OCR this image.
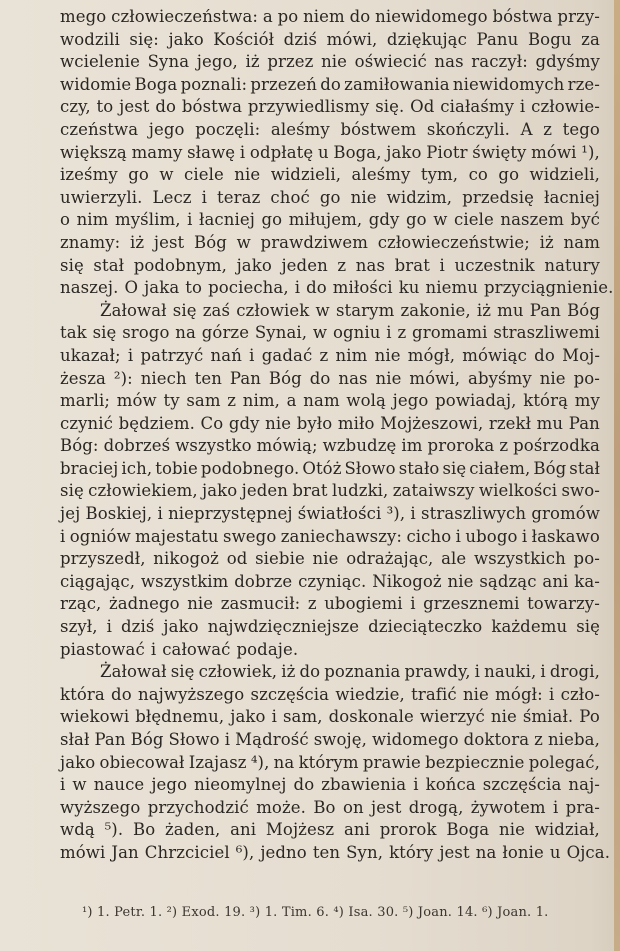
mego człowieczeństwa: a po niem do niewidomego bóstwa przy-
wodzili się: jako Kościół dziś mówi, dziękując Panu Bogu za
wcielenie Syna jego, iż przez nie oświecić nas raczył: gdyśmy
widomie Boga poznali: przezeń do zamiłowania niewidomych rze-
czy, to jest do bóstwa przywiedlismy się. Od ciałaśmy i człowie-
czeństwa jego poczęli: aleśmy bóstwem skończyli. A z tego
większą mamy sławę i odpłatę u Boga, jako Piotr święty mówi ¹),
iześmy go w ciele nie widzieli, aleśmy tym, co go widzieli,
uwierzyli. Lecz i teraz choć go nie widzim, przedsię łacniej
o nim myślim, i łacniej go miłujem, gdy go w ciele naszem być
znamy: iż jest Bóg w prawdziwem człowieczeństwie; iż nam
się stał podobnym, jako jeden z nas brat i uczestnik natury
naszej. O jaka to pociecha, i do miłości ku niemu przyciągnienie.
Żałował się zaś człowiek w starym zakonie, iż mu Pan Bóg
tak się srogo na górze Synai, w ogniu i z gromami straszliwemi
ukazał; i patrzyć nań i gadać z nim nie mógł, mówiąc do Moj-
żesza ²): niech ten Pan Bóg do nas nie mówi, abyśmy nie po-
marli; mów ty sam z nim, a nam wolą jego powiadaj, którą my
czynić będziem. Co gdy nie było miło Mojżeszowi, rzekł mu Pan
Bóg: dobrześ wszystko mówią; wzbudzę im proroka z pośrzodka
braciej ich, tobie podobnego. Otóż Słowo stało się ciałem, Bóg stał
się człowiekiem, jako jeden brat ludzki, zataiwszy wielkości swo-
jej Boskiej, i nieprzystępnej światłości ³), i straszliwych gromów
i ogniów majestatu swego zaniechawszy: cicho i ubogo i łaskawo
przyszedł, nikogoż od siebie nie odrażając, ale wszystkich po-
ciągając, wszystkim dobrze czyniąc. Nikogoż nie sądząc ani ka-
rząc, żadnego nie zasmucił: z ubogiemi i grzesznemi towarzy-
szył, i dziś jako najwdzięczniejsze dzieciąteczko każdemu się
piastować i całować podaje.
Żałował się człowiek, iż do poznania prawdy, i nauki, i drogi,
która do najwyższego szczęścia wiedzie, trafić nie mógł: i czło-
wiekowi błędnemu, jako i sam, doskonale wierzyć nie śmiał. Po
słał Pan Bóg Słowo i Mądrość swoję, widomego doktora z nieba,
jako obiecował Izajasz ⁴), na którym prawie bezpiecznie polegać,
i w nauce jego nieomylnej do zbawienia i końca szczęścia naj-
wyższego przychodzić może. Bo on jest drogą, żywotem i pra-
wdą ⁵). Bo żaden, ani Mojżesz ani prorok Boga nie widział,
mówi Jan Chrzciciel ⁶), jedno ten Syn, który jest na łonie u Ojca.
¹) 1. Petr. 1. ²) Exod. 19. ³) 1. Tim. 6. ⁴) Isa. 30. ⁵) Joan. 14. ⁶) Joan. 1.
